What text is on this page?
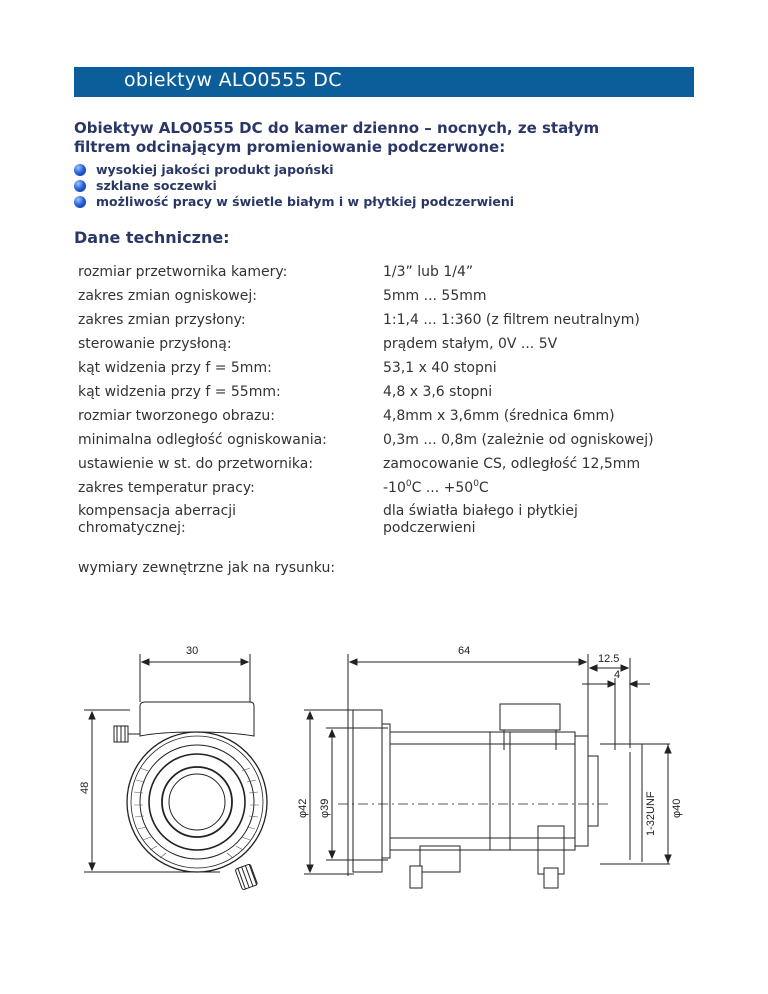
obiektyw ALO0555 DC
Obiektyw ALO0555 DC do kamer dzienno – nocnych, ze stałym
filtrem odcinającym promieniowanie podczerwone:
wysokiej jakości produkt japoński
szklane soczewki
możliwość pracy w świetle białym i w płytkiej podczerwieni
Dane techniczne:
rozmiar przetwornika kamery:	1/3” lub 1/4”
zakres zmian ogniskowej:	5mm ... 55mm
zakres zmian przysłony:	1:1,4 ... 1:360 (z filtrem neutralnym)
sterowanie przysłoną:	prądem stałym, 0V ... 5V
kąt widzenia przy f = 5mm:	53,1 x 40 stopni
kąt widzenia przy f = 55mm:	4,8 x 3,6 stopni
rozmiar tworzonego obrazu:	4,8mm x 3,6mm (średnica 6mm)
minimalna odległość ogniskowania:	0,3m ... 0,8m (zależnie od ogniskowej)
ustawienie w st. do przetwornika:	zamocowanie CS, odległość 12,5mm
zakres temperatur pracy:	$-10^0C$ ... $+50^0C$
kompensacja aberracji
chromatycznej:
dla światła białego i płytkiej
podczerwieni
wymiary zewnętrzne jak na rysunku:
30
48
64
12.5
4
φ42 φ39	1-32UNF φ40
